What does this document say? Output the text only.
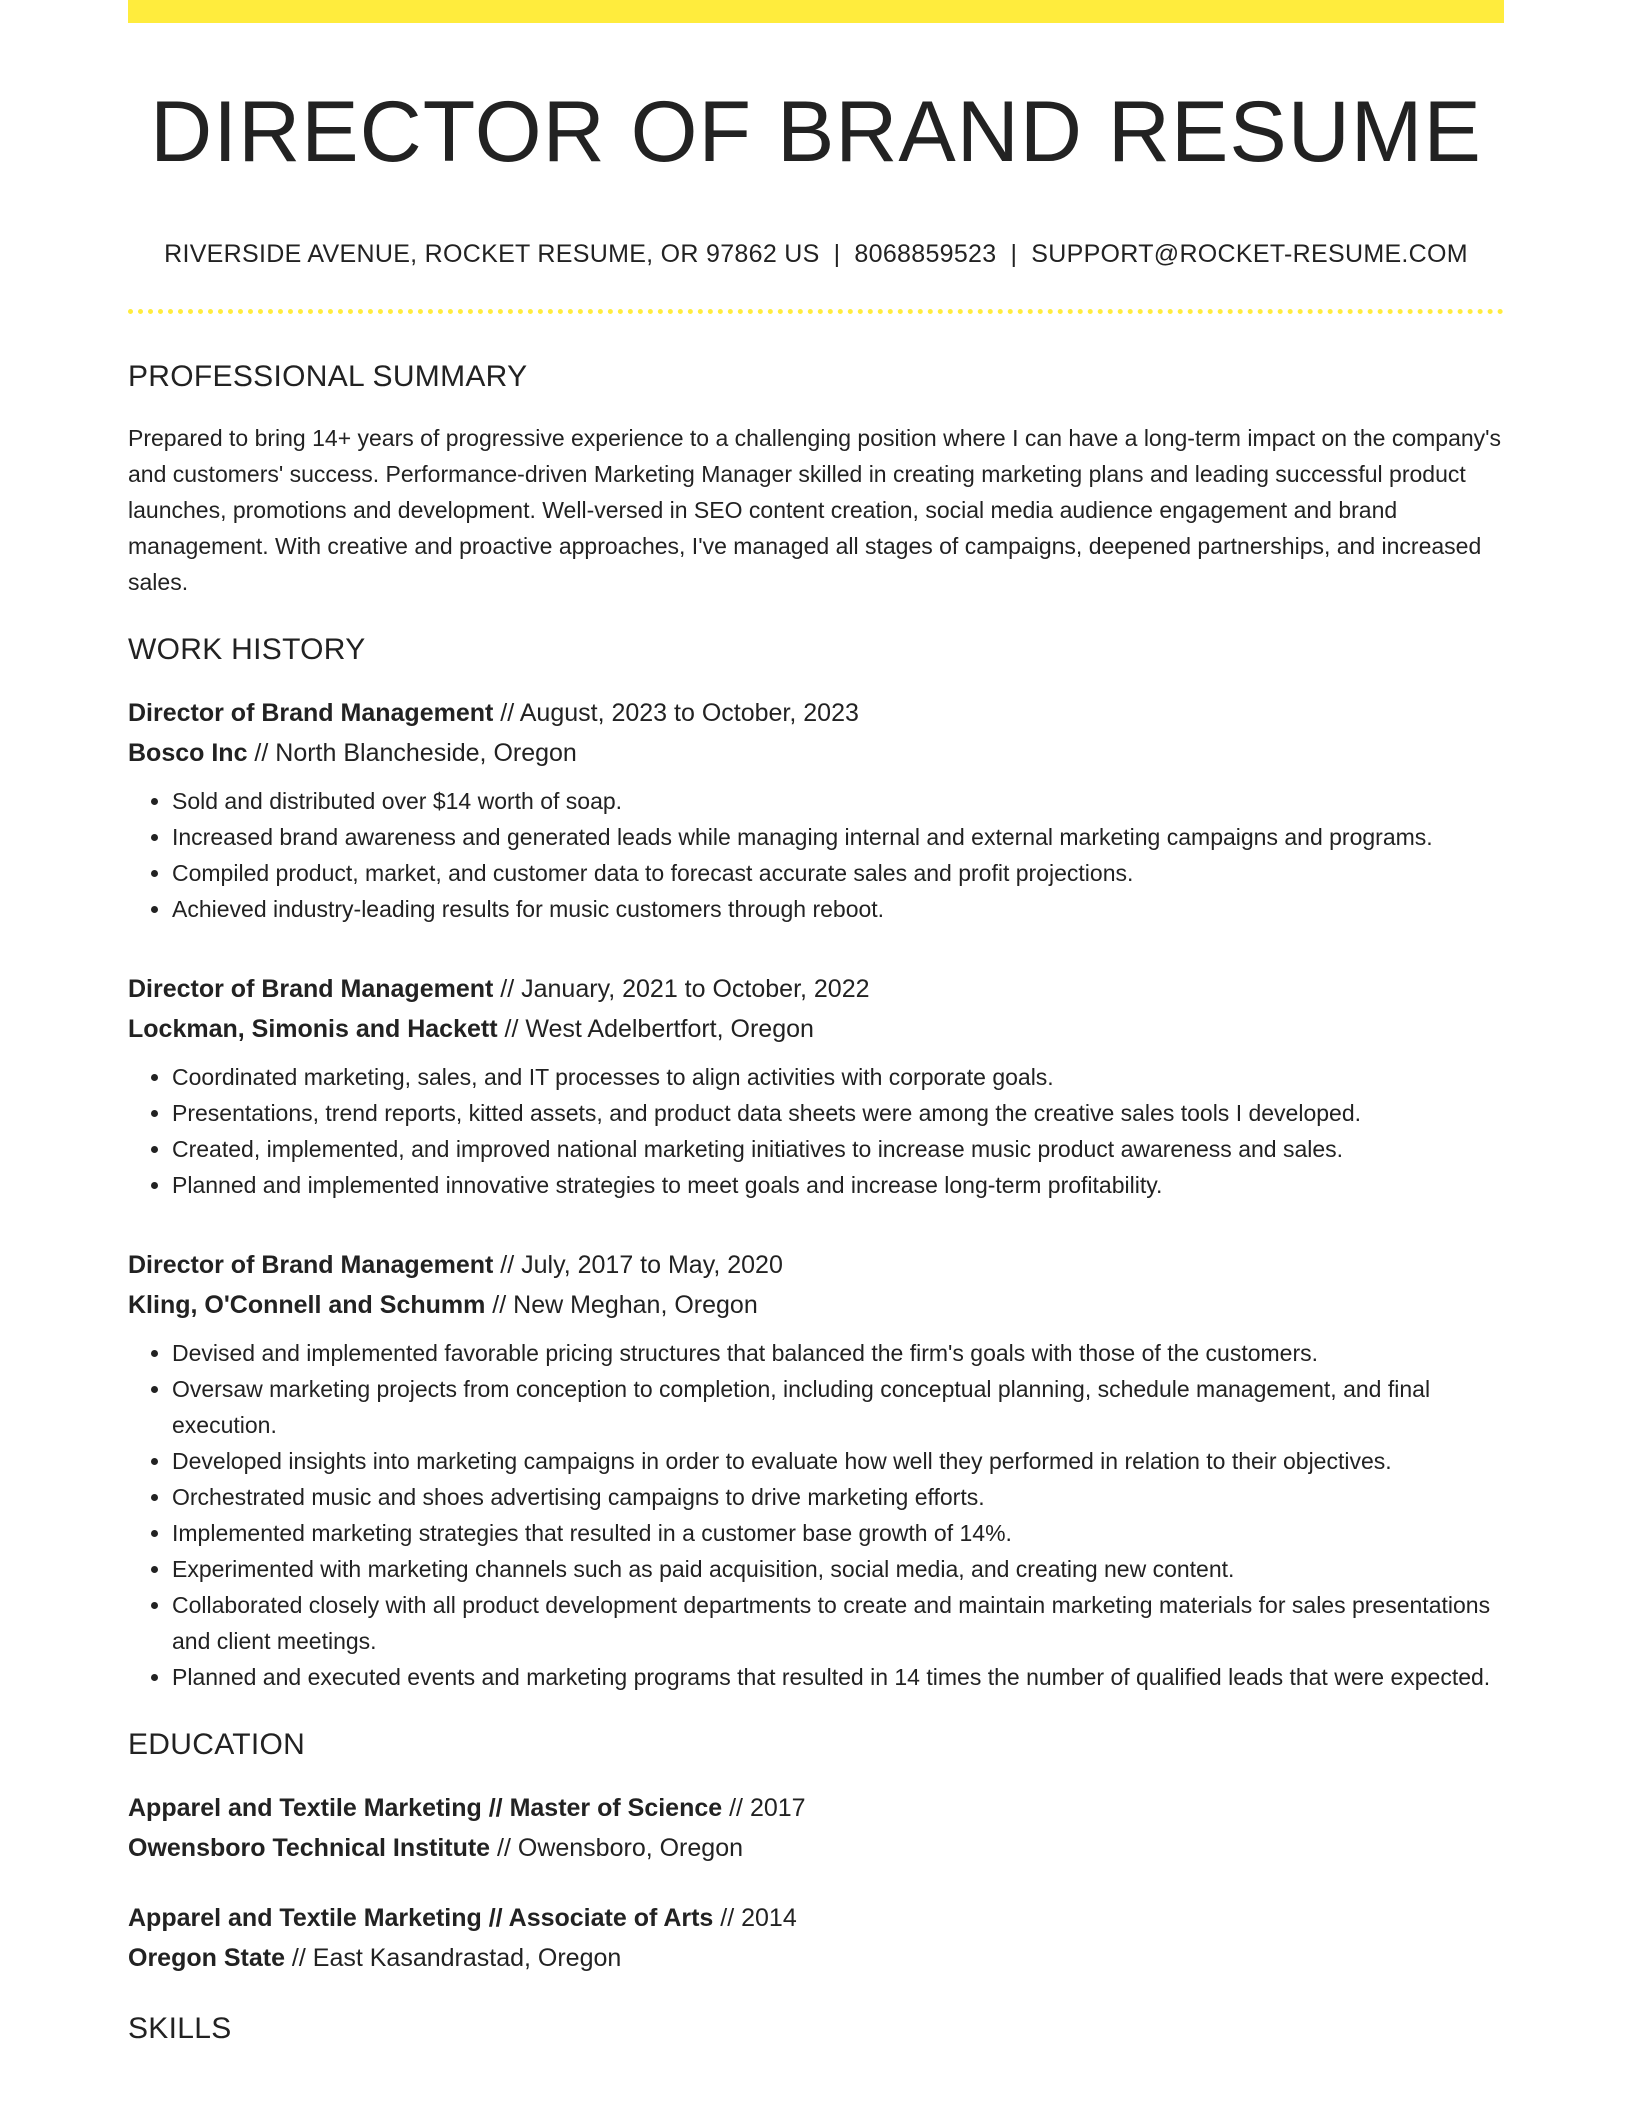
DIRECTOR OF BRAND RESUME
RIVERSIDE AVENUE, ROCKET RESUME, OR 97862 US | 8068859523 | SUPPORT@ROCKET-RESUME.COM
PROFESSIONAL SUMMARY
Prepared to bring 14+ years of progressive experience to a challenging position where I can have a long-term impact on the company's and customers' success. Performance-driven Marketing Manager skilled in creating marketing plans and leading successful product launches, promotions and development. Well-versed in SEO content creation, social media audience engagement and brand management. With creative and proactive approaches, I've managed all stages of campaigns, deepened partnerships, and increased sales.
WORK HISTORY
Director of Brand Management // August, 2023 to October, 2023
Bosco Inc // North Blancheside, Oregon
• Sold and distributed over $14 worth of soap.
• Increased brand awareness and generated leads while managing internal and external marketing campaigns and programs.
• Compiled product, market, and customer data to forecast accurate sales and profit projections.
• Achieved industry-leading results for music customers through reboot.
Director of Brand Management // January, 2021 to October, 2022
Lockman, Simonis and Hackett // West Adelbertfort, Oregon
• Coordinated marketing, sales, and IT processes to align activities with corporate goals.
• Presentations, trend reports, kitted assets, and product data sheets were among the creative sales tools I developed.
• Created, implemented, and improved national marketing initiatives to increase music product awareness and sales.
• Planned and implemented innovative strategies to meet goals and increase long-term profitability.
Director of Brand Management // July, 2017 to May, 2020
Kling, O'Connell and Schumm // New Meghan, Oregon
• Devised and implemented favorable pricing structures that balanced the firm's goals with those of the customers.
• Oversaw marketing projects from conception to completion, including conceptual planning, schedule management, and final execution.
• Developed insights into marketing campaigns in order to evaluate how well they performed in relation to their objectives.
• Orchestrated music and shoes advertising campaigns to drive marketing efforts.
• Implemented marketing strategies that resulted in a customer base growth of 14%.
• Experimented with marketing channels such as paid acquisition, social media, and creating new content.
• Collaborated closely with all product development departments to create and maintain marketing materials for sales presentations and client meetings.
• Planned and executed events and marketing programs that resulted in 14 times the number of qualified leads that were expected.
EDUCATION
Apparel and Textile Marketing // Master of Science // 2017
Owensboro Technical Institute // Owensboro, Oregon
Apparel and Textile Marketing // Associate of Arts // 2014
Oregon State // East Kasandrastad, Oregon
SKILLS
